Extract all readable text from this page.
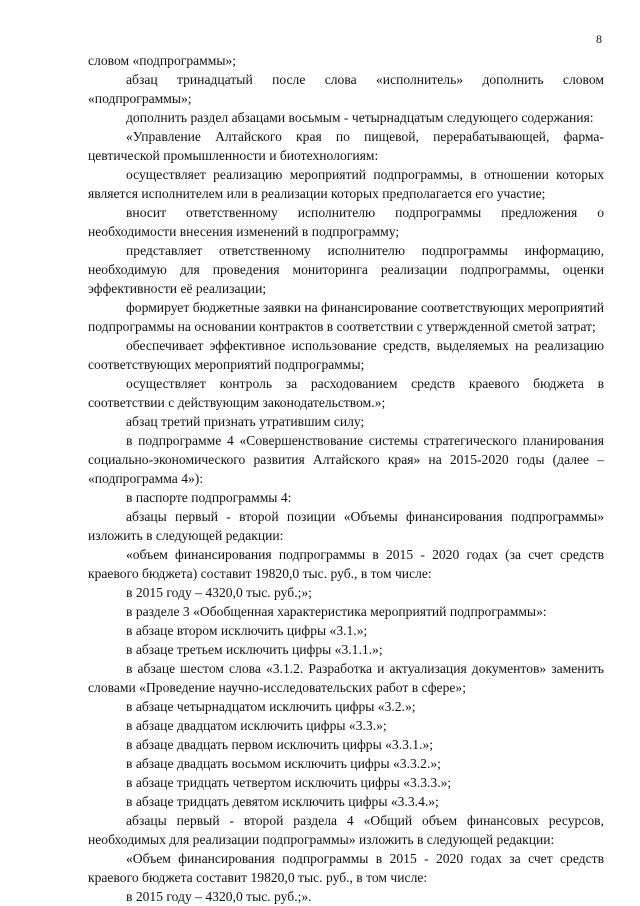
8

словом «подпрограммы»;

абзац тринадцатый после слова «исполнитель» дополнить словом «подпрограммы»;

дополнить раздел абзацами восьмым - четырнадцатым следующего содержания:

«Управление Алтайского края по пищевой, перерабатывающей, фармацевтической промышленности и биотехнологиям:

осуществляет реализацию мероприятий подпрограммы, в отношении которых является исполнителем или в реализации которых предполагается его участие;

вносит ответственному исполнителю подпрограммы предложения о необходимости внесения изменений в подпрограмму;

представляет ответственному исполнителю подпрограммы информацию, необходимую для проведения мониторинга реализации подпрограммы, оценки эффективности её реализации;

формирует бюджетные заявки на финансирование соответствующих мероприятий подпрограммы на основании контрактов в соответствии с утвержденной сметой затрат;

обеспечивает эффективное использование средств, выделяемых на реализацию соответствующих мероприятий подпрограммы;

осуществляет контроль за расходованием средств краевого бюджета в соответствии с действующим законодательством.»;

абзац третий признать утратившим силу;

в подпрограмме 4 «Совершенствование системы стратегического планирования социально-экономического развития Алтайского края» на 2015-2020 годы (далее – «подпрограмма 4»):

в паспорте подпрограммы 4:

абзацы первый - второй позиции «Объемы финансирования подпрограммы» изложить в следующей редакции:

«объем финансирования подпрограммы в 2015 - 2020 годах (за счет средств краевого бюджета) составит 19820,0 тыс. руб., в том числе:

в 2015 году – 4320,0 тыс. руб.;»;

в разделе 3 «Обобщенная характеристика мероприятий подпрограммы»:

в абзаце втором исключить цифры «3.1.»;

в абзаце третьем исключить цифры «3.1.1.»;

в абзаце шестом слова «3.1.2. Разработка и актуализация документов» заменить словами «Проведение научно-исследовательских работ в сфере»;

в абзаце четырнадцатом исключить цифры «3.2.»;

в абзаце двадцатом исключить цифры «3.3.»;

в абзаце двадцать первом исключить цифры «3.3.1.»;

в абзаце двадцать восьмом исключить цифры «3.3.2.»;

в абзаце тридцать четвертом исключить цифры «3.3.3.»;

в абзаце тридцать девятом исключить цифры «3.3.4.»;

абзацы первый - второй раздела 4 «Общий объем финансовых ресурсов, необходимых для реализации подпрограммы» изложить в следующей редакции:

«Объем финансирования подпрограммы в 2015 - 2020 годах за счет средств краевого бюджета составит 19820,0 тыс. руб., в том числе:

в 2015 году – 4320,0 тыс. руб.;».
